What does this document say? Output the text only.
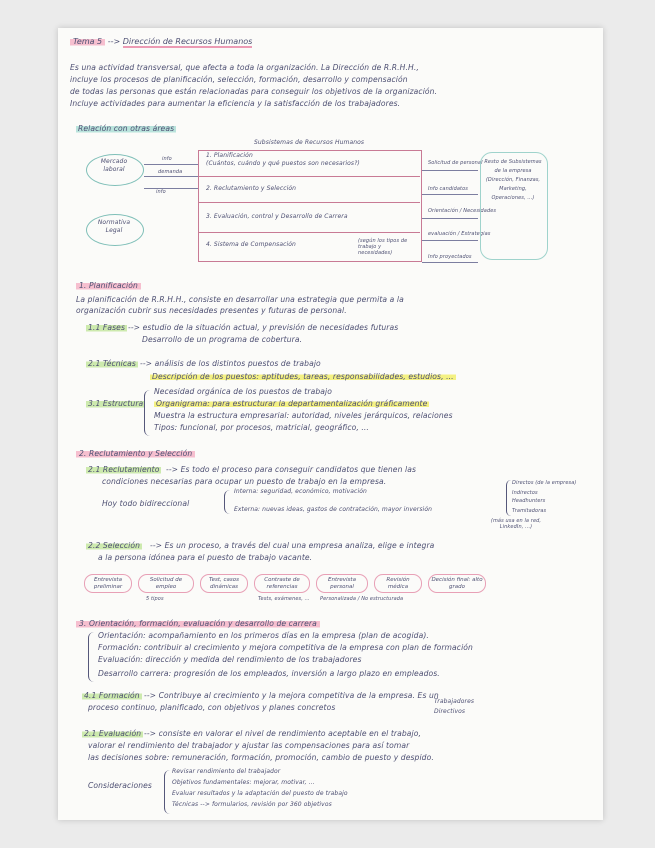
Tema 5 --> Dirección de Recursos Humanos
Es una actividad transversal, que afecta a toda la organización. La Dirección de R.R.H.H.,
incluye los procesos de planificación, selección, formación, desarrollo y compensación
de todas las personas que están relacionadas para conseguir los objetivos de la organización.
Incluye actividades para aumentar la eficiencia y la satisfacción de los trabajadores.
Relación con otras áreas
Subsistemas de Recursos Humanos
Mercado laboral
Normativa Legal
info
demanda
info
1. Planificación
(Cuántos, cuándo y qué puestos son necesarios?)
2. Reclutamiento y Selección
3. Evaluación, control y Desarrollo de Carrera
4. Sistema de Compensación	(según los tipos de trabajo y necesidades)
Solicitud de personal
Info candidatos
Orientación / Necesidades
evaluación / Estrategias
Info proyectados
Resto de Subsistemas de la empresa
(Dirección, Finanzas, Marketing, Operaciones, ...)
1. Planificación
La planificación de R.R.H.H., consiste en desarrollar una estrategia que permita a la
organización cubrir sus necesidades presentes y futuras de personal.
1.1 Fases --> estudio de la situación actual, y previsión de necesidades futuras
Desarrollo de un programa de cobertura.
2.1 Técnicas --> análisis de los distintos puestos de trabajo
Descripción de los puestos: aptitudes, tareas, responsabilidades, estudios, ...
3.1 Estructura
Necesidad orgánica de los puestos de trabajo
Organigrama: para estructurar la departamentalización gráficamente
Muestra la estructura empresarial: autoridad, niveles jerárquicos, relaciones
Tipos: funcional, por procesos, matricial, geográfico, ...
2. Reclutamiento y Selección
2.1 Reclutamiento --> Es todo el proceso para conseguir candidatos que tienen las
condiciones necesarias para ocupar un puesto de trabajo en la empresa.
Hoy todo bidireccional
Interna: seguridad, económico, motivación
Externa: nuevas ideas, gastos de contratación, mayor inversión
Directos (de la empresa)
Indirectos
Headhunters
Tramitadoras
(más usa en la red, LinkedIn, ...)
2.2 Selección --> Es un proceso, a través del cual una empresa analiza, elige e integra
a la persona idónea para el puesto de trabajo vacante.
Entrevista preliminar
Solicitud de empleo
Test, casos dinámicas
Contraste de referencias
Entrevista personal
Revisión médica
Decisión final: alto grado
5 tipos	Tests, exámenes, ... Personalizada / No estructurada
3. Orientación, formación, evaluación y desarrollo de carrera
Orientación: acompañamiento en los primeros días en la empresa (plan de acogida).
Formación: contribuir al crecimiento y mejora competitiva de la empresa con plan de formación
Evaluación: dirección y medida del rendimiento de los trabajadores
Desarrollo carrera: progresión de los empleados, inversión a largo plazo en empleados.
4.1 Formación --> Contribuye al crecimiento y la mejora competitiva de la empresa. Es un
proceso continuo, planificado, con objetivos y planes concretos
Trabajadores
Directivos
2.1 Evaluación --> consiste en valorar el nivel de rendimiento aceptable en el trabajo,
valorar el rendimiento del trabajador y ajustar las compensaciones para así tomar
las decisiones sobre: remuneración, formación, promoción, cambio de puesto y despido.
Consideraciones
Revisar rendimiento del trabajador
Objetivos fundamentales: mejorar, motivar, ...
Evaluar resultados y la adaptación del puesto de trabajo
Técnicas --> formularios, revisión por 360 objetivos
